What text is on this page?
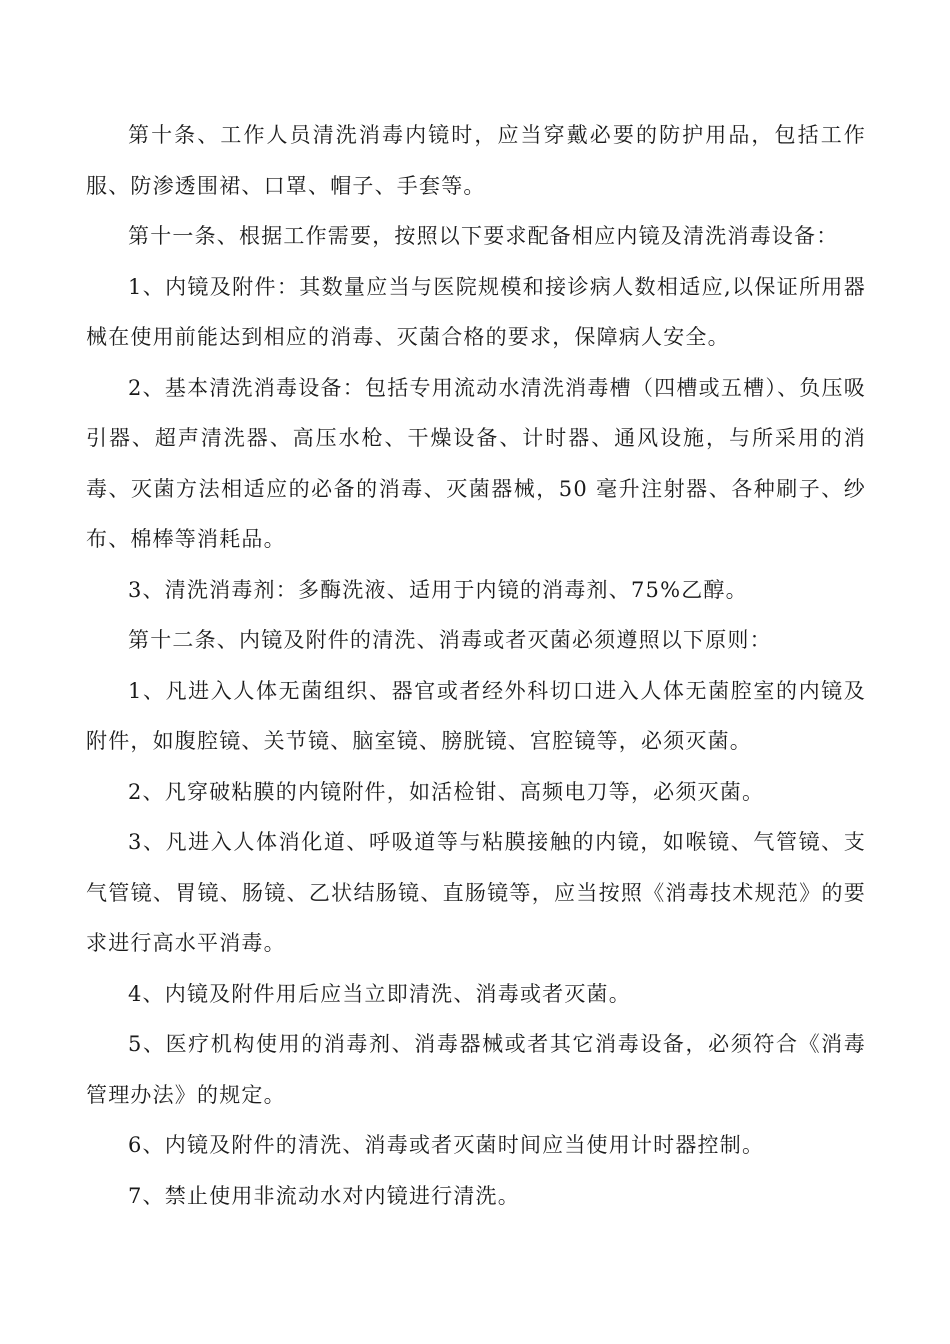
第十条、工作人员清洗消毒内镜时，应当穿戴必要的防护用品，包括工作服、防渗透围裙、口罩、帽子、手套等。

第十一条、根据工作需要，按照以下要求配备相应内镜及清洗消毒设备：

1、内镜及附件：其数量应当与医院规模和接诊病人数相适应,以保证所用器械在使用前能达到相应的消毒、灭菌合格的要求，保障病人安全。

2、基本清洗消毒设备：包括专用流动水清洗消毒槽（四槽或五槽）、负压吸引器、超声清洗器、高压水枪、干燥设备、计时器、通风设施，与所采用的消毒、灭菌方法相适应的必备的消毒、灭菌器械，50 毫升注射器、各种刷子、纱布、棉棒等消耗品。

3、清洗消毒剂：多酶洗液、适用于内镜的消毒剂、75%乙醇。

第十二条、内镜及附件的清洗、消毒或者灭菌必须遵照以下原则：

1、凡进入人体无菌组织、器官或者经外科切口进入人体无菌腔室的内镜及附件，如腹腔镜、关节镜、脑室镜、膀胱镜、宫腔镜等，必须灭菌。

2、凡穿破粘膜的内镜附件，如活检钳、高频电刀等，必须灭菌。

3、凡进入人体消化道、呼吸道等与粘膜接触的内镜，如喉镜、气管镜、支气管镜、胃镜、肠镜、乙状结肠镜、直肠镜等，应当按照《消毒技术规范》的要求进行高水平消毒。

4、内镜及附件用后应当立即清洗、消毒或者灭菌。

5、医疗机构使用的消毒剂、消毒器械或者其它消毒设备，必须符合《消毒管理办法》的规定。

6、内镜及附件的清洗、消毒或者灭菌时间应当使用计时器控制。

7、禁止使用非流动水对内镜进行清洗。
